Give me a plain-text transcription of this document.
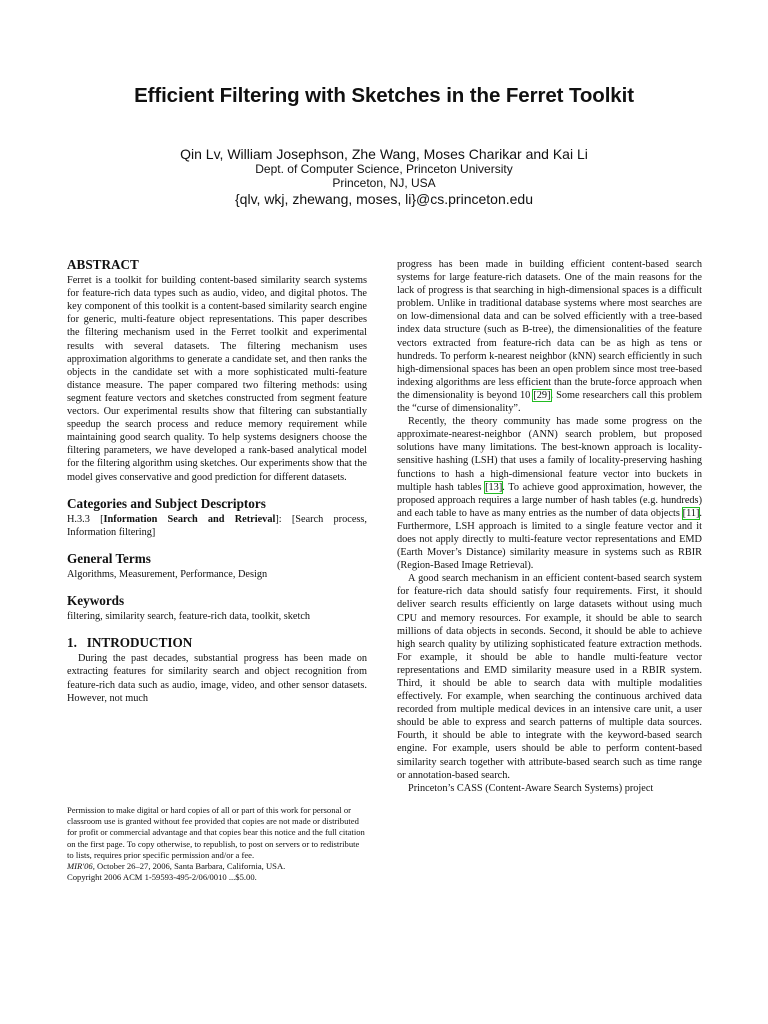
Efficient Filtering with Sketches in the Ferret Toolkit
Qin Lv, William Josephson, Zhe Wang, Moses Charikar and Kai Li
Dept. of Computer Science, Princeton University
Princeton, NJ, USA
{qlv, wkj, zhewang, moses, li}@cs.princeton.edu
ABSTRACT

Ferret is a toolkit for building content-based similarity search systems for feature-rich data types such as audio, video, and digital photos. The key component of this toolkit is a content-based similarity search engine for generic, multi-feature object representations. This paper describes the filtering mechanism used in the Ferret toolkit and experimental results with several datasets. The filtering mechanism uses approximation algorithms to generate a candidate set, and then ranks the objects in the candidate set with a more sophisticated multi-feature distance measure. The paper compared two filtering methods: using segment feature vectors and sketches constructed from segment feature vectors. Our experimental results show that filtering can substantially speedup the search process and reduce memory requirement while maintaining good search quality. To help systems designers choose the filtering parameters, we have developed a rank-based analytical model for the filtering algorithm using sketches. Our experiments show that the model gives conservative and good prediction for different datasets.

Categories and Subject Descriptors

H.3.3 [Information Search and Retrieval]: [Search process, Information filtering]

General Terms

Algorithms, Measurement, Performance, Design

Keywords

filtering, similarity search, feature-rich data, toolkit, sketch

1.   INTRODUCTION

During the past decades, substantial progress has been made on extracting features for similarity search and object recognition from feature-rich data such as audio, image, video, and other sensor datasets. However, not much

Permission to make digital or hard copies of all or part of this work for personal or classroom use is granted without fee provided that copies are not made or distributed for profit or commercial advantage and that copies bear this notice and the full citation on the first page. To copy otherwise, to republish, to post on servers or to redistribute to lists, requires prior specific permission and/or a fee.

MIR'06, October 26–27, 2006, Santa Barbara, California, USA.

Copyright 2006 ACM 1-59593-495-2/06/0010 ...$5.00.

progress has been made in building efficient content-based search systems for large feature-rich datasets. One of the main reasons for the lack of progress is that searching in high-dimensional spaces is a difficult problem. Unlike in traditional database systems where most searches are on low-dimensional data and can be solved efficiently with a tree-based index data structure (such as B-tree), the dimensionalities of the feature vectors extracted from feature-rich data can be as high as tens or hundreds. To perform k-nearest neighbor (kNN) search efficiently in such high-dimensional spaces has been an open problem since most tree-based indexing algorithms are less efficient than the brute-force approach when the dimensionality is beyond 10 [29]. Some researchers call this problem the “curse of dimensionality”.

Recently, the theory community has made some progress on the approximate-nearest-neighbor (ANN) search problem, but proposed solutions have many limitations. The best-known approach is locality-sensitive hashing (LSH) that uses a family of locality-preserving hashing functions to hash a high-dimensional feature vector into buckets in multiple hash tables [13]. To achieve good approximation, however, the proposed approach requires a large number of hash tables (e.g. hundreds) and each table to have as many entries as the number of data objects [11]. Furthermore, LSH approach is limited to a single feature vector and it does not apply directly to multi-feature vector representations and EMD (Earth Mover’s Distance) similarity measure in systems such as RBIR (Region-Based Image Retrieval).

A good search mechanism in an efficient content-based search system for feature-rich data should satisfy four requirements. First, it should deliver search results efficiently on large datasets without using much CPU and memory resources. For example, it should be able to search millions of data objects in seconds. Second, it should be able to achieve high search quality by utilizing sophisticated feature extraction methods. For example, it should be able to handle multi-feature vector representations and EMD similarity measure used in a RBIR system. Third, it should be able to search data with multiple modalities effectively. For example, when searching the continuous archived data recorded from multiple medical devices in an intensive care unit, a user should be able to express and search patterns of multiple data sources. Fourth, it should be able to integrate with the keyword-based search engine. For example, users should be able to perform content-based similarity search together with attribute-based search such as time range or annotation-based search.

Princeton’s CASS (Content-Aware Search Systems) project
